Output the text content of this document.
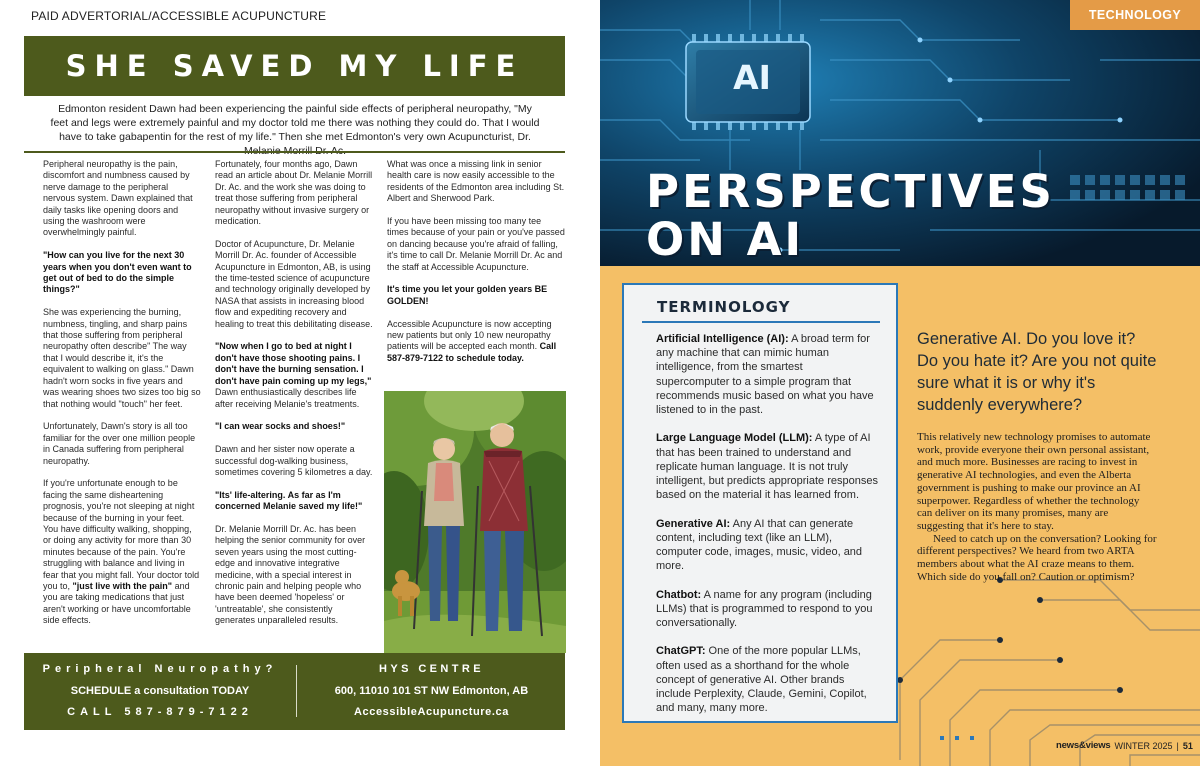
PAID ADVERTORIAL/ACCESSIBLE ACUPUNCTURE
SHE SAVED MY LIFE
Edmonton resident Dawn had been experiencing the painful side effects of peripheral neuropathy, "My feet and legs were extremely painful and my doctor told me there was nothing they could do. That I would have to take gabapentin for the rest of my life." Then she met Edmonton's very own Acupuncturist, Dr.

Peripheral neuropathy is the pain, discomfort and numbness caused by nerve damage to the peripheral nervous system. Dawn explained that daily tasks like opening doors and using the washroom were overwhelmingly painful.

"How can you live for the next 30 years when you don't even want to get out of bed to do the simple things?"

She was experiencing the burning, numbness, tingling, and sharp pains that those suffering from peripheral neuropathy often describe" The way that I would describe it, it's the equivalent to walking on glass." Dawn hadn't worn socks in five years and was wearing shoes two sizes too big so that nothing would "touch" her feet.

Unfortunately, Dawn's story is all too familiar for the over one million people in Canada suffering from peripheral neuropathy.

If you're unfortunate enough to be facing the same disheartening prognosis, you're not sleeping at night because of the burning in your feet. You have difficulty walking, shopping, or doing any activity for more than 30 minutes because of the pain. You're struggling with balance and living in fear that you might fall. Your doctor told you to, "just live with the pain" and you are taking medications that just aren't working or have uncomfortable side effects.

Fortunately, four months ago, Dawn read an article about Dr. Melanie Morrill Dr. Ac. and the work she was doing to treat those suffering from peripheral neuropathy without invasive surgery or medication.

Doctor of Acupuncture, Dr. Melanie Morrill Dr. Ac. founder of Accessible Acupuncture in Edmonton, AB, is using the time-tested science of acupuncture and technology originally developed by NASA that assists in increasing blood flow and expediting recovery and healing to treat this debilitating disease.

"Now when I go to bed at night I don't have those shooting pains. I don't have the burning sensation. I don't have pain coming up my legs," Dawn enthusiastically describes life after receiving Melanie's treatments.

"I can wear socks and shoes!"

Dawn and her sister now operate a successful dog-walking business, sometimes covering 5 kilometres a day.

"Its' life-altering. As far as I'm concerned Melanie saved my life!"

Dr. Melanie Morrill Dr. Ac. has been helping the senior community for over seven years using the most cutting-edge and innovative integrative medicine, with a special interest in chronic pain and helping people who have been deemed 'hopeless' or 'untreatable', she consistently generates unparalleled results.

What was once a missing link in senior health care is now easily accessible to the residents of the Edmonton area including St. Albert and Sherwood Park.

If you have been missing too many tee times because of your pain or you've passed on dancing because you're afraid of falling, it's time to call Dr. Melanie Morrill Dr. Ac and the staff at Accessible Acupuncture.

It's time you let your golden years BE GOLDEN!

Accessible Acupuncture is now accepting new patients but only 10 new neuropathy patients will be accepted each month. Call 587-879-7122 to schedule today.

Peripheral Neuropathy?
SCHEDULE a consultation TODAY
CALL 587-879-7122
HYS CENTRE
600, 11010 101 ST NW Edmonton, AB
AccessibleAcupuncture.ca
AI
PERSPECTIVES
ON AI
TECHNOLOGY
TERMINOLOGY

Artificial Intelligence (AI): A broad term for any machine that can mimic human intelligence, from the smartest supercomputer to a simple program that recommends music based on what you have listened to in the past.

Large Language Model (LLM): A type of AI that has been trained to understand and replicate human language. It is not truly intelligent, but predicts appropriate responses based on the material it has learned from.

Generative AI: Any AI that can generate content, including text (like an LLM), computer code, images, music, video, and more.

Chatbot: A name for any program (including LLMs) that is programmed to respond to you conversationally.

ChatGPT: One of the more popular LLMs, often used as a shorthand for the whole concept of generative AI. Other brands include Perplexity, Claude, Gemini, Copilot, and many, many more.

Generative AI. Do you love it? Do you hate it? Are you not quite sure what it is or why it's suddenly everywhere?

This relatively new technology promises to automate work, provide everyone their own personal assistant, and much more. Businesses are racing to invest in generative AI technologies, and even the Alberta government is pushing to make our province an AI superpower. Regardless of whether the technology can deliver on its many promises, many are suggesting that it's here to stay.

Need to catch up on the conversation? Looking for different perspectives? We heard from two ARTA members about what the AI craze means to them. Which side do you fall on? Caution or optimism?

news&views WINTER 2025 | 51
